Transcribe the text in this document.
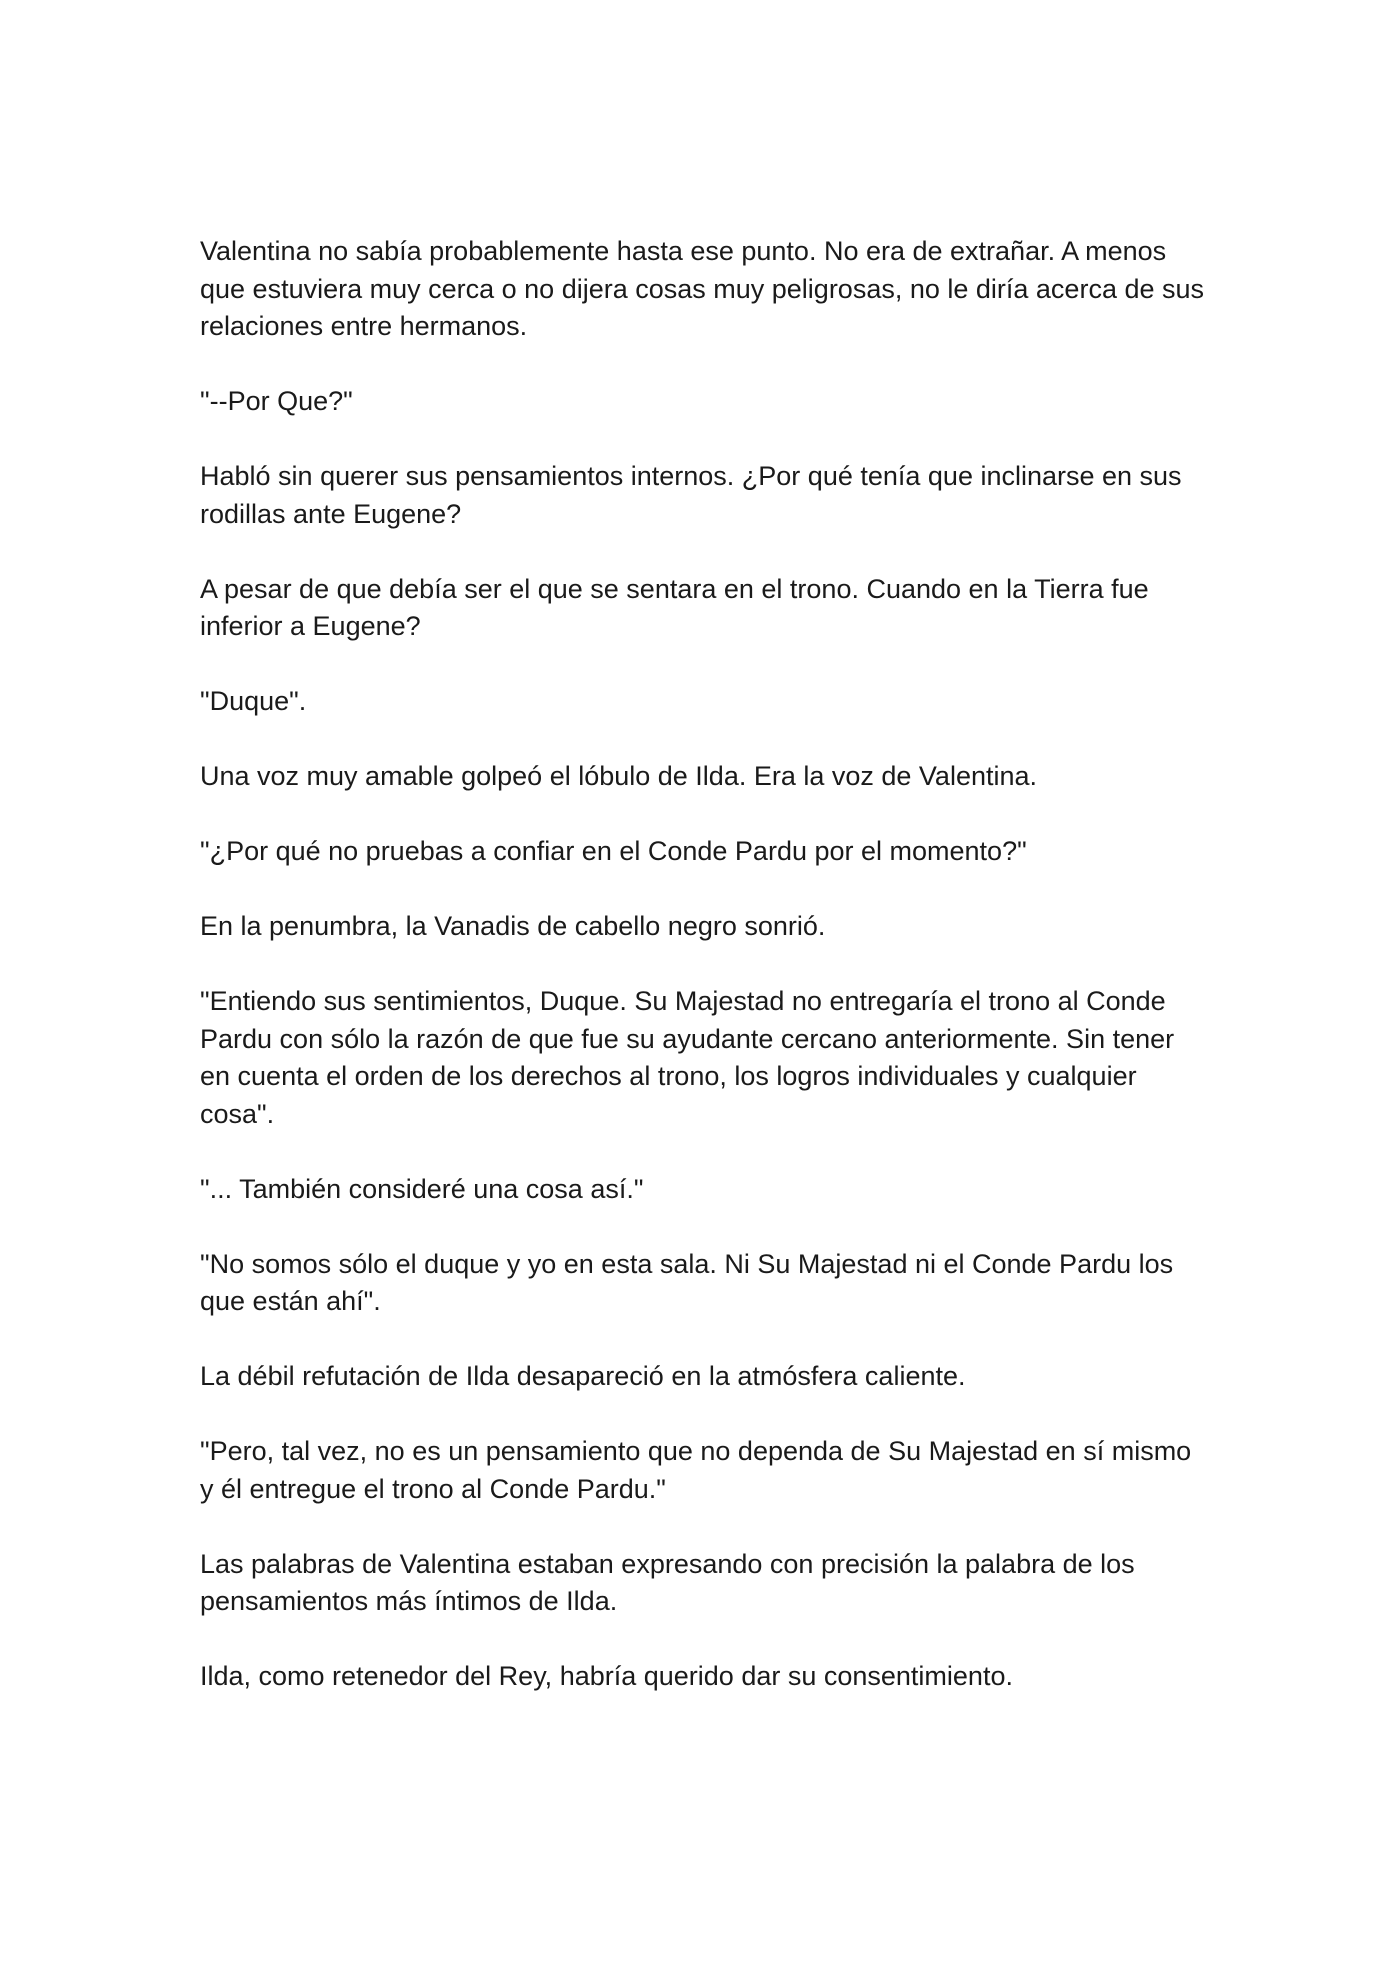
Valentina no sabía probablemente hasta ese punto. No era de extrañar. A menos que estuviera muy cerca o no dijera cosas muy peligrosas, no le diría acerca de sus relaciones entre hermanos.

"--Por Que?"

Habló sin querer sus pensamientos internos. ¿Por qué tenía que inclinarse en sus rodillas ante Eugene?

A pesar de que debía ser el que se sentara en el trono. Cuando en la Tierra fue inferior a Eugene?

"Duque".

Una voz muy amable golpeó el lóbulo de Ilda. Era la voz de Valentina.

"¿Por qué no pruebas a confiar en el Conde Pardu por el momento?"

En la penumbra, la Vanadis de cabello negro sonrió.

"Entiendo sus sentimientos, Duque. Su Majestad no entregaría el trono al Conde Pardu con sólo la razón de que fue su ayudante cercano anteriormente. Sin tener en cuenta el orden de los derechos al trono, los logros individuales y cualquier cosa".

"... También consideré una cosa así."

"No somos sólo el duque y yo en esta sala. Ni Su Majestad ni el Conde Pardu los que están ahí".

La débil refutación de Ilda desapareció en la atmósfera caliente.

"Pero, tal vez, no es un pensamiento que no dependa de Su Majestad en sí mismo y él entregue el trono al Conde Pardu."

Las palabras de Valentina estaban expresando con precisión la palabra de los pensamientos más íntimos de Ilda.

Ilda, como retenedor del Rey, habría querido dar su consentimiento.
